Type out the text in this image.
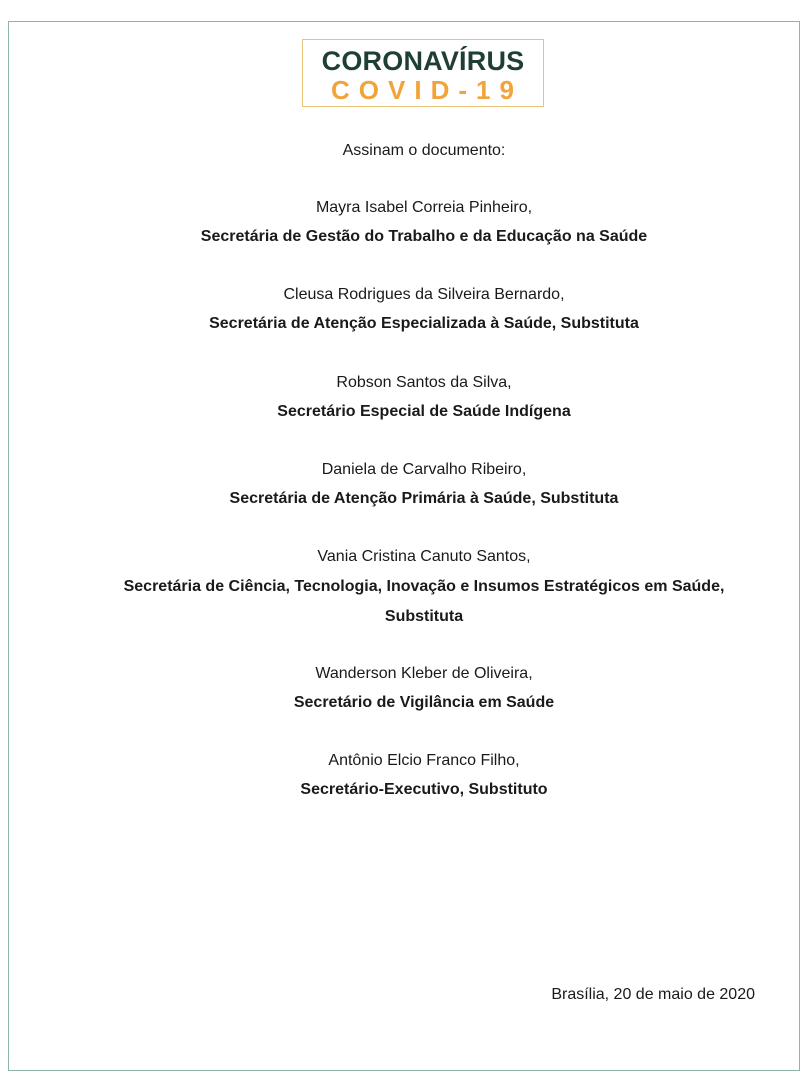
CORONAVÍRUS
COVID-19
Assinam o documento:
Mayra Isabel Correia Pinheiro,
Secretária de Gestão do Trabalho e da Educação na Saúde
Cleusa Rodrigues da Silveira Bernardo,
Secretária de Atenção Especializada à Saúde, Substituta
Robson Santos da Silva,
Secretário Especial de Saúde Indígena
Daniela de Carvalho Ribeiro,
Secretária de Atenção Primária à Saúde, Substituta
Vania Cristina Canuto Santos,
Secretária de Ciência, Tecnologia, Inovação e Insumos Estratégicos em Saúde,
Substituta
Wanderson Kleber de Oliveira,
Secretário de Vigilância em Saúde
Antônio Elcio Franco Filho,
Secretário-Executivo, Substituto
Brasília, 20 de maio de 2020
